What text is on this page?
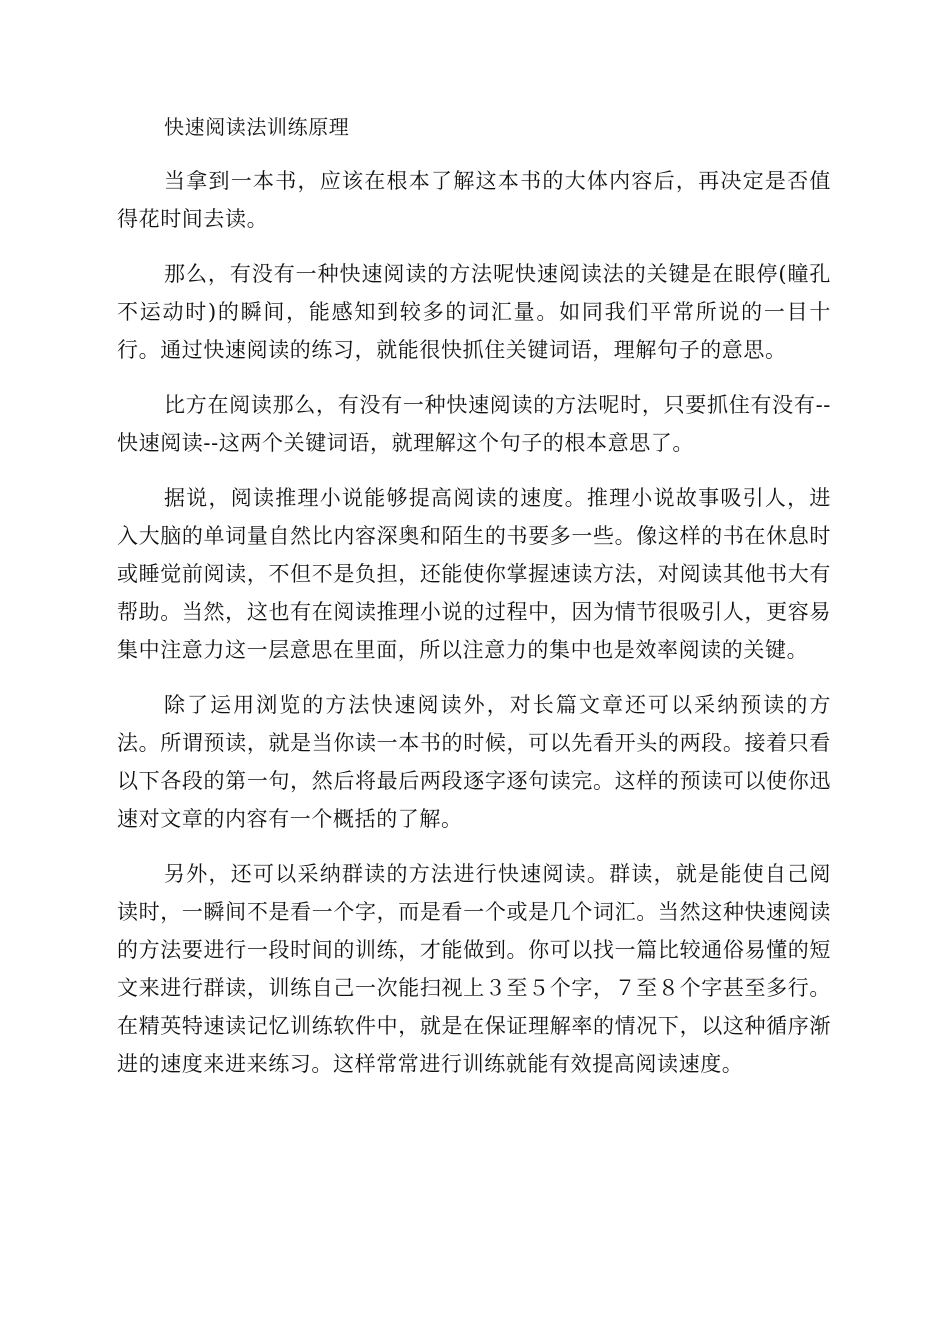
快速阅读法训练原理

当拿到一本书，应该在根本了解这本书的大体内容后，再决定是否值得花时间去读。

那么，有没有一种快速阅读的方法呢快速阅读法的关键是在眼停(瞳孔不运动时)的瞬间，能感知到较多的词汇量。如同我们平常所说的一目十行。通过快速阅读的练习，就能很快抓住关键词语，理解句子的意思。

比方在阅读那么，有没有一种快速阅读的方法呢时，只要抓住有没有--快速阅读--这两个关键词语，就理解这个句子的根本意思了。

据说，阅读推理小说能够提高阅读的速度。推理小说故事吸引人，进入大脑的单词量自然比内容深奥和陌生的书要多一些。像这样的书在休息时或睡觉前阅读，不但不是负担，还能使你掌握速读方法，对阅读其他书大有帮助。当然，这也有在阅读推理小说的过程中，因为情节很吸引人，更容易集中注意力这一层意思在里面，所以注意力的集中也是效率阅读的关键。

除了运用浏览的方法快速阅读外，对长篇文章还可以采纳预读的方法。所谓预读，就是当你读一本书的时候，可以先看开头的两段。接着只看以下各段的第一句，然后将最后两段逐字逐句读完。这样的预读可以使你迅速对文章的内容有一个概括的了解。

另外，还可以采纳群读的方法进行快速阅读。群读，就是能使自己阅读时，一瞬间不是看一个字，而是看一个或是几个词汇。当然这种快速阅读的方法要进行一段时间的训练，才能做到。你可以找一篇比较通俗易懂的短文来进行群读，训练自己一次能扫视上３至５个字，７至８个字甚至多行。在精英特速读记忆训练软件中，就是在保证理解率的情况下，以这种循序渐进的速度来进来练习。这样常常进行训练就能有效提高阅读速度。
